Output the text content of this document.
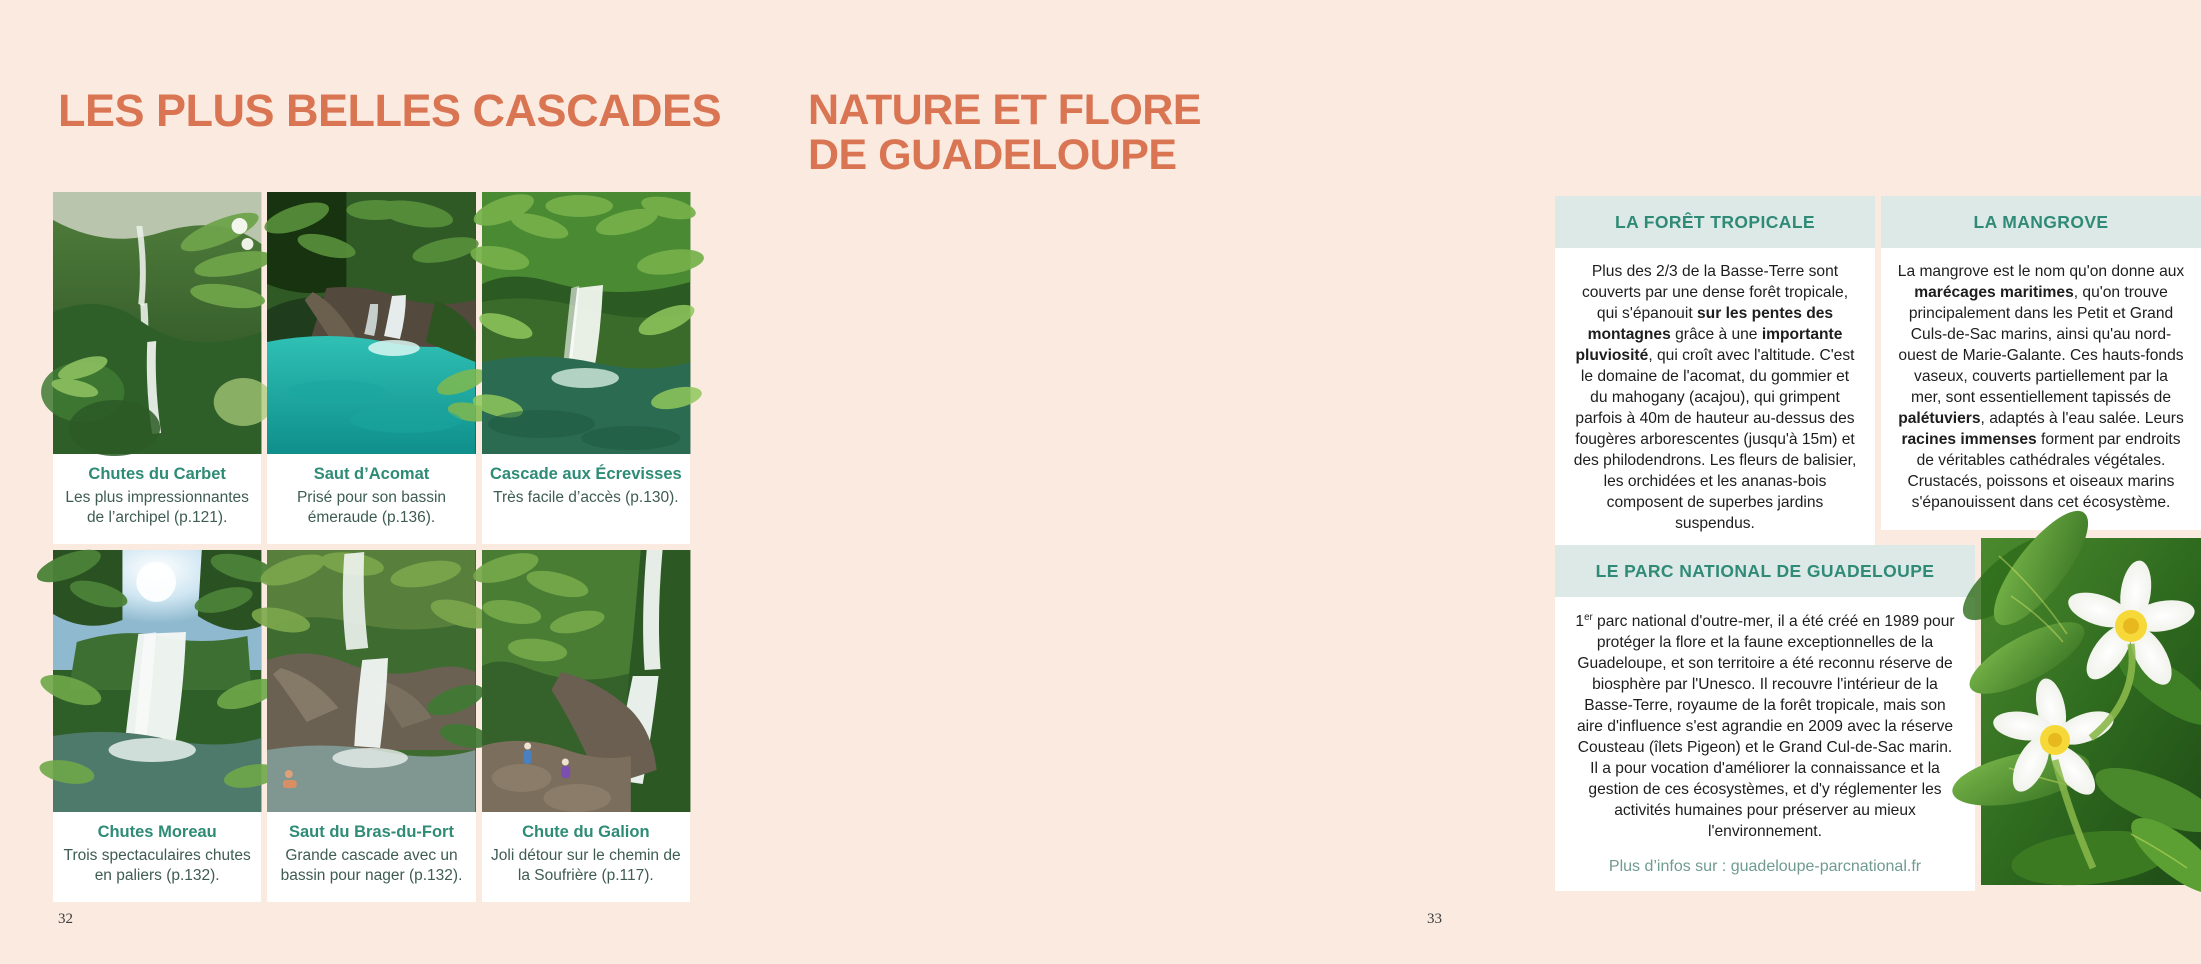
LES PLUS BELLES CASCADES
Chutes du Carbet
Les plus impressionnantes de l’archipel (p.121).
Saut d’Acomat
Prisé pour son bassin émeraude (p.136).
Cascade aux Écrevisses
Très facile d’accès (p.130).
Chutes Moreau
Trois spectaculaires chutes en paliers (p.132).
Saut du Bras-du-Fort
Grande cascade avec un bassin pour nager (p.132).
Chute du Galion
Joli détour sur le chemin de la Soufrière (p.117).
32
NATURE ET FLORE
DE GUADELOUPE
LA FORÊT TROPICALE
Plus des 2/3 de la Basse-Terre sont couverts par une dense forêt tropicale, qui s'épanouit sur les pentes des montagnes grâce à une importante pluviosité, qui croît avec l'altitude. C'est le domaine de l'acomat, du gommier et du mahogany (acajou), qui grimpent parfois à 40m de hauteur au-dessus des fougères arborescentes (jusqu'à 15m) et des philodendrons. Les fleurs de balisier, les orchidées et les ananas-bois composent de superbes jardins suspendus.
LA MANGROVE
La mangrove est le nom qu'on donne aux marécages maritimes, qu'on trouve principalement dans les Petit et Grand Culs-de-Sac marins, ainsi qu'au nord-ouest de Marie-Galante. Ces hauts-fonds vaseux, couverts partiellement par la mer, sont essentiellement tapissés de palétuviers, adaptés à l'eau salée. Leurs racines immenses forment par endroits de véritables cathédrales végétales. Crustacés, poissons et oiseaux marins s'épanouissent dans cet écosystème.
LE PARC NATIONAL DE GUADELOUPE
1er parc national d'outre-mer, il a été créé en 1989 pour protéger la flore et la faune exceptionnelles de la Guadeloupe, et son territoire a été reconnu réserve de biosphère par l'Unesco. Il recouvre l'intérieur de la Basse-Terre, royaume de la forêt tropicale, mais son aire d'influence s'est agrandie en 2009 avec la réserve Cousteau (îlets Pigeon) et le Grand Cul-de-Sac marin. Il a pour vocation d'améliorer la connaissance et la gestion de ces écosystèmes, et d'y réglementer les activités humaines pour préserver au mieux l'environnement.
Plus d’infos sur : guadeloupe-parcnational.fr
33
